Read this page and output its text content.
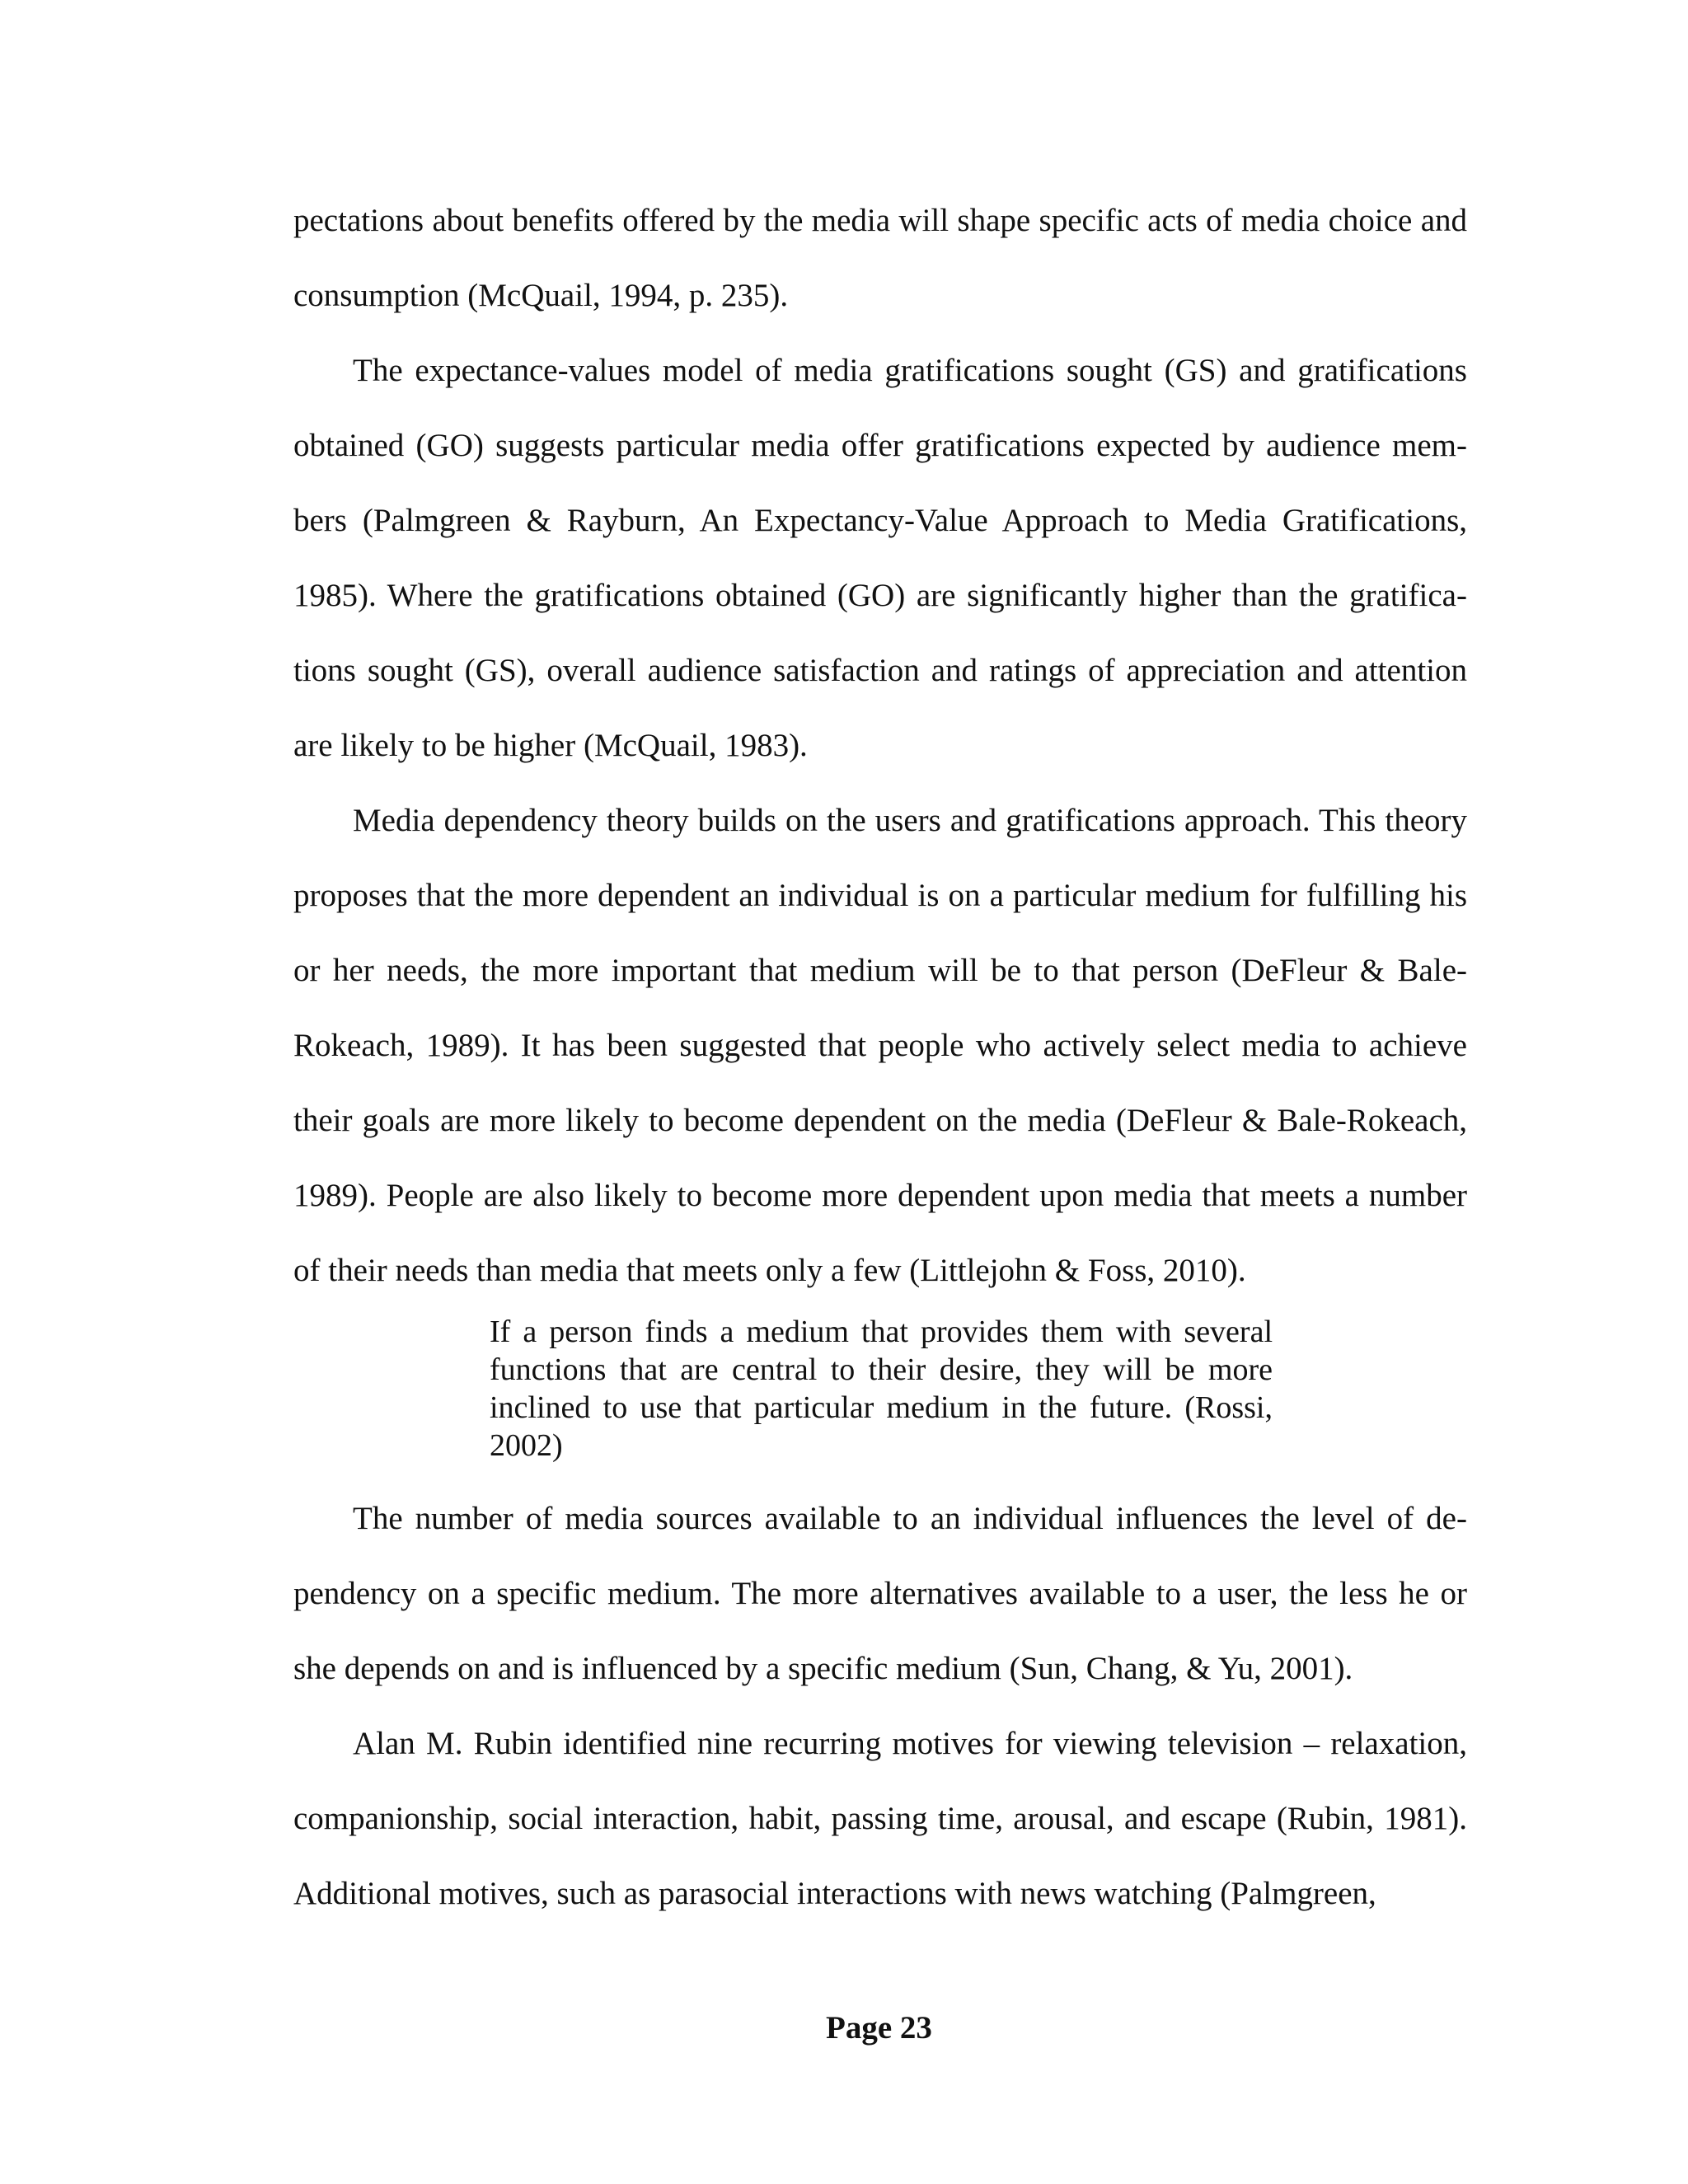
pectations about benefits offered by the media will shape specific acts of media choice and consumption (McQuail, 1994, p. 235).

The expectance-values model of media gratifications sought (GS) and gratifications obtained (GO) suggests particular media offer gratifications expected by audience members (Palmgreen & Rayburn, An Expectancy-Value Approach to Media Gratifications, 1985). Where the gratifications obtained (GO) are significantly higher than the gratifications sought (GS), overall audience satisfaction and ratings of appreciation and attention are likely to be higher (McQuail, 1983).

Media dependency theory builds on the users and gratifications approach. This theory proposes that the more dependent an individual is on a particular medium for fulfilling his or her needs, the more important that medium will be to that person (DeFleur & Bale-Rokeach, 1989). It has been suggested that people who actively select media to achieve their goals are more likely to become dependent on the media (DeFleur & Bale-Rokeach, 1989). People are also likely to become more dependent upon media that meets a number of their needs than media that meets only a few (Littlejohn & Foss, 2010).

If a person finds a medium that provides them with several functions that are central to their desire, they will be more inclined to use that particular medium in the future. (Rossi, 2002)

The number of media sources available to an individual influences the level of dependency on a specific medium. The more alternatives available to a user, the less he or she depends on and is influenced by a specific medium (Sun, Chang, & Yu, 2001).

Alan M. Rubin identified nine recurring motives for viewing television – relaxation, companionship, social interaction, habit, passing time, arousal, and escape (Rubin, 1981). Additional motives, such as parasocial interactions with news watching (Palmgreen,

Page 23
